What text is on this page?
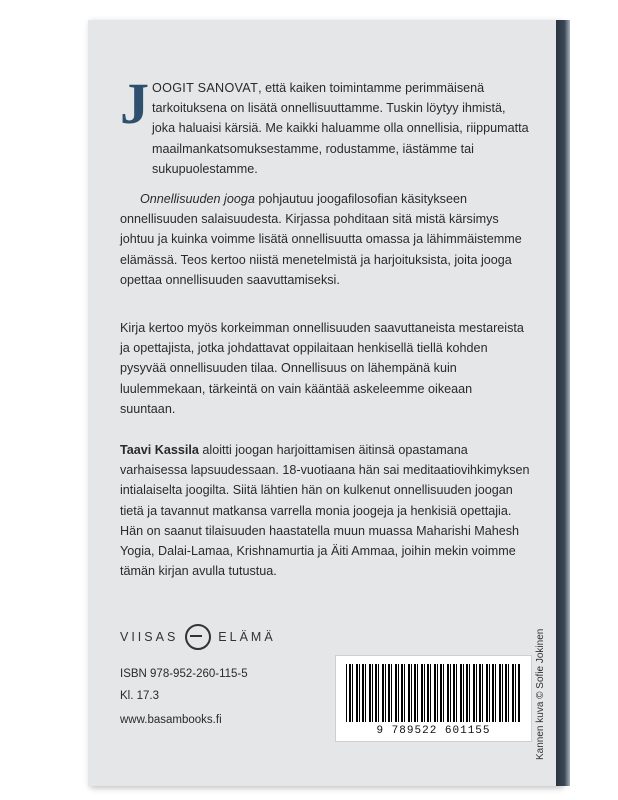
J OOGIT SANOVAT, että kaiken toimintamme perimmäisenä tarkoituksena on lisätä onnellisuuttamme. Tuskin löytyy ihmistä, joka haluaisi kärsiä. Me kaikki haluamme olla onnellisia, riippumatta maailmankatsomuksestamme, rodustamme, iästämme tai sukupuolestamme.

Onnellisuuden jooga pohjautuu joogafilosofian käsitykseen onnellisuuden salaisuudesta. Kirjassa pohditaan sitä mistä kärsimys johtuu ja kuinka voimme lisätä onnellisuutta omassa ja lähimmäistemme elämässä. Teos kertoo niistä menetelmistä ja harjoituksista, joita jooga opettaa onnellisuuden saavuttamiseksi.

Kirja kertoo myös korkeimman onnellisuuden saavuttaneista mestareista ja opettajista, jotka johdattavat oppilaitaan henkisellä tiellä kohden pysyvää onnellisuuden tilaa. Onnellisuus on lähempänä kuin luulemmekaan, tärkeintä on vain kääntää askeleemme oikeaan suuntaan.

Taavi Kassila aloitti joogan harjoittamisen äitinsä opastamana varhaisessa lapsuudessaan. 18-vuotiaana hän sai meditaatiovihkimyksen intialaiselta joogilta. Siitä lähtien hän on kulkenut onnellisuuden joogan tietä ja tavannut matkansa varrella monia joogeja ja henkisiä opettajia. Hän on saanut tilaisuuden haastatella muun muassa Maharishi Mahesh Yogia, Dalai-Lamaa, Krishnamurtia ja Äiti Ammaa, joihin mekin voimme tämän kirjan avulla tutustua.

VIISAS	ELÄMÄ
ISBN 978-952-260-115-5
Kl. 17.3
www.basambooks.fi
9 789522 601155	Kannen kuva © Sofie Jokinen
